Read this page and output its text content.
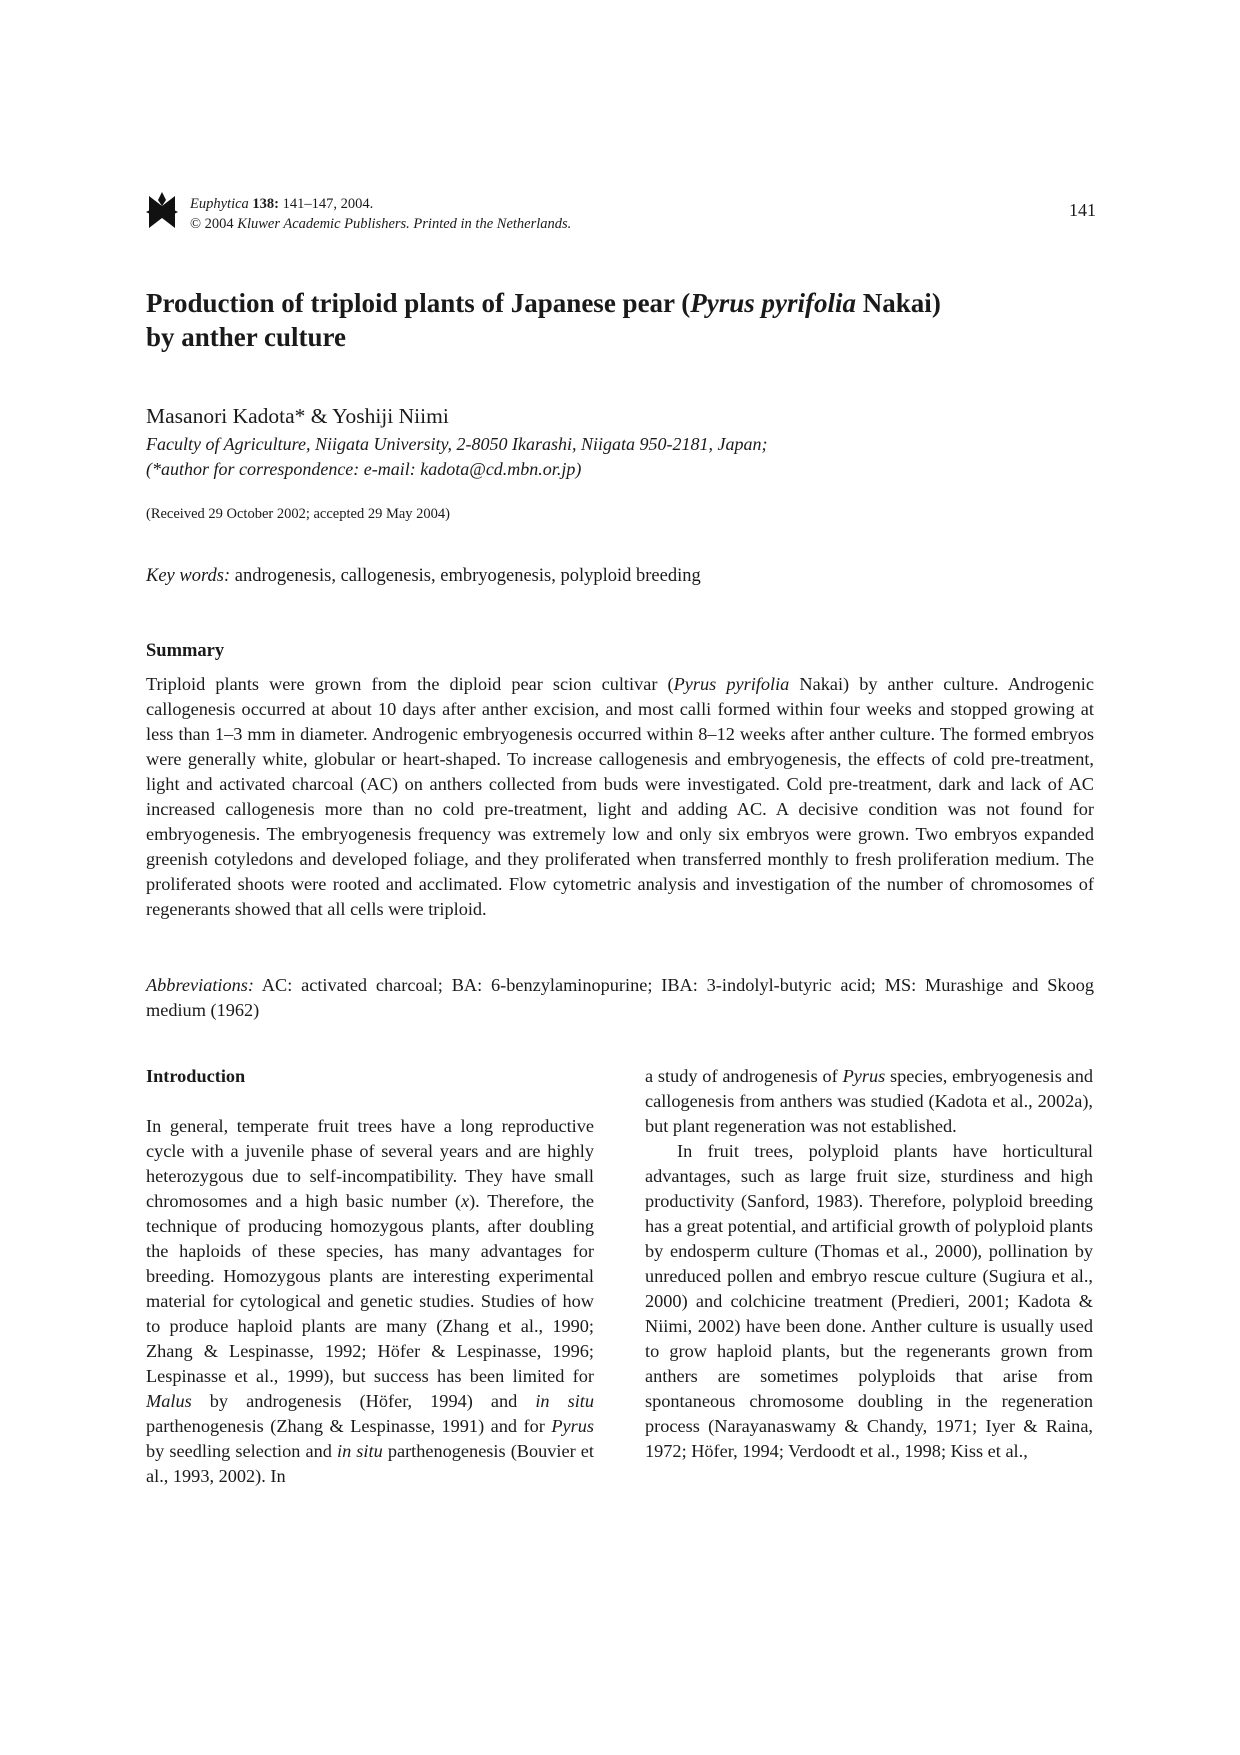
Euphytica 138: 141–147, 2004.
© 2004 Kluwer Academic Publishers. Printed in the Netherlands.
141
Production of triploid plants of Japanese pear (Pyrus pyrifolia Nakai)
by anther culture
Masanori Kadota* & Yoshiji Niimi
Faculty of Agriculture, Niigata University, 2-8050 Ikarashi, Niigata 950-2181, Japan;
(*author for correspondence: e-mail: kadota@cd.mbn.or.jp)
(Received 29 October 2002; accepted 29 May 2004)
Key words: androgenesis, callogenesis, embryogenesis, polyploid breeding
Summary

Triploid plants were grown from the diploid pear scion cultivar (Pyrus pyrifolia Nakai) by anther culture. Androgenic callogenesis occurred at about 10 days after anther excision, and most calli formed within four weeks and stopped growing at less than 1–3 mm in diameter. Androgenic embryogenesis occurred within 8–12 weeks after anther culture. The formed embryos were generally white, globular or heart-shaped. To increase callogenesis and embryogenesis, the effects of cold pre-treatment, light and activated charcoal (AC) on anthers collected from buds were investigated. Cold pre-treatment, dark and lack of AC increased callogenesis more than no cold pre-treatment, light and adding AC. A decisive condition was not found for embryogenesis. The embryogenesis frequency was extremely low and only six embryos were grown. Two embryos expanded greenish cotyledons and developed foliage, and they proliferated when transferred monthly to fresh proliferation medium. The proliferated shoots were rooted and acclimated. Flow cytometric analysis and investigation of the number of chromosomes of regenerants showed that all cells were triploid.

Abbreviations: AC: activated charcoal; BA: 6-benzylaminopurine; IBA: 3-indolyl-butyric acid; MS: Murashige and Skoog medium (1962)

Introduction

In general, temperate fruit trees have a long reproductive cycle with a juvenile phase of several years and are highly heterozygous due to self-incompatibility. They have small chromosomes and a high basic number (x). Therefore, the technique of producing homozygous plants, after doubling the haploids of these species, has many advantages for breeding. Homozygous plants are interesting experimental material for cytological and genetic studies. Studies of how to produce haploid plants are many (Zhang et al., 1990; Zhang & Lespinasse, 1992; Höfer & Lespinasse, 1996; Lespinasse et al., 1999), but success has been limited for Malus by androgenesis (Höfer, 1994) and in situ parthenogenesis (Zhang & Lespinasse, 1991) and for Pyrus by seedling selection and in situ parthenogenesis (Bouvier et al., 1993, 2002). In

a study of androgenesis of Pyrus species, embryogenesis and callogenesis from anthers was studied (Kadota et al., 2002a), but plant regeneration was not established.

In fruit trees, polyploid plants have horticultural advantages, such as large fruit size, sturdiness and high productivity (Sanford, 1983). Therefore, polyploid breeding has a great potential, and artificial growth of polyploid plants by endosperm culture (Thomas et al., 2000), pollination by unreduced pollen and embryo rescue culture (Sugiura et al., 2000) and colchicine treatment (Predieri, 2001; Kadota & Niimi, 2002) have been done. Anther culture is usually used to grow haploid plants, but the regenerants grown from anthers are sometimes polyploids that arise from spontaneous chromosome doubling in the regeneration process (Narayanaswamy & Chandy, 1971; Iyer & Raina, 1972; Höfer, 1994; Verdoodt et al., 1998; Kiss et al.,
